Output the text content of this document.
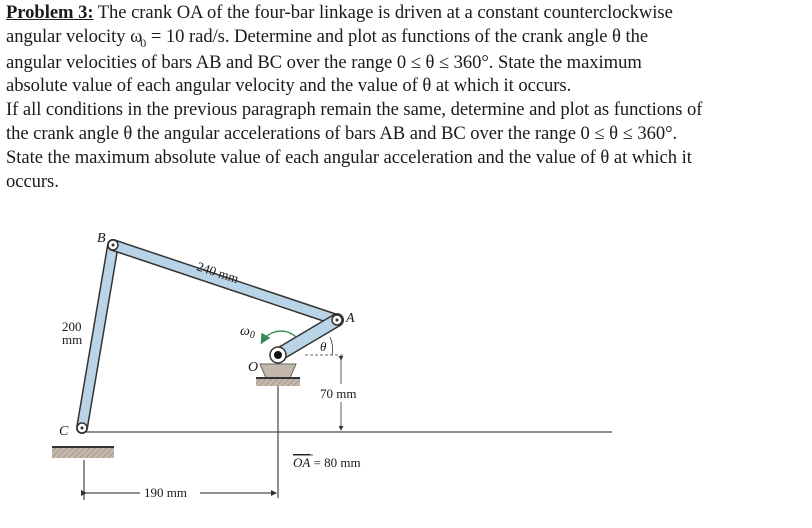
Problem 3: The crank OA of the four-bar linkage is driven at a constant counterclockwise
angular velocity $\omega_0 = 10$ rad/s. Determine and plot as functions of the crank angle θ the
angular velocities of bars AB and BC over the range 0 ≤ θ ≤ 360°. State the maximum
absolute value of each angular velocity and the value of θ at which it occurs.
If all conditions in the previous paragraph remain the same, determine and plot as functions of
the crank angle θ the angular accelerations of bars AB and BC over the range 0 ≤ θ ≤ 360°.
State the maximum absolute value of each angular acceleration and the value of θ at which it
occurs.
190 mm
θ
$\omega_0$
70 mm
B
A
C
O
240 mm
200
mm
OA = 80 mm
